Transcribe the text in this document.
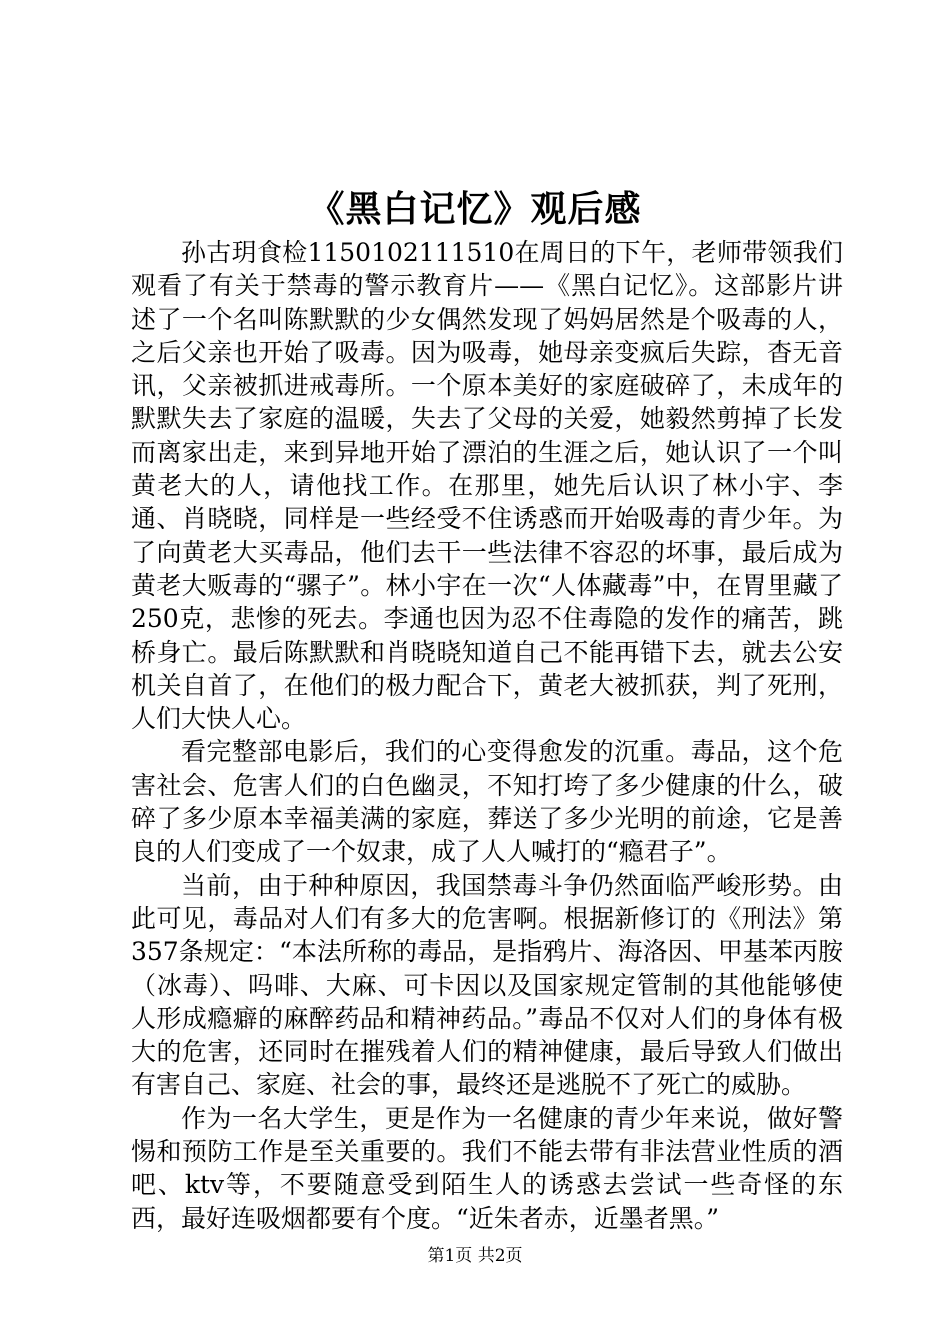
《黑白记忆》观后感

孙古玥食检1150102111510在周日的下午，老师带领我们观看了有关于禁毒的警示教育片——《黑白记忆》。这部影片讲述了一个名叫陈默默的少女偶然发现了妈妈居然是个吸毒的人，之后父亲也开始了吸毒。因为吸毒，她母亲变疯后失踪，杳无音讯，父亲被抓进戒毒所。一个原本美好的家庭破碎了，未成年的默默失去了家庭的温暖，失去了父母的关爱，她毅然剪掉了长发而离家出走，来到异地开始了漂泊的生涯之后，她认识了一个叫黄老大的人，请他找工作。在那里，她先后认识了林小宇、李通、肖晓晓，同样是一些经受不住诱惑而开始吸毒的青少年。为了向黄老大买毒品，他们去干一些法律不容忍的坏事，最后成为黄老大贩毒的“骡子”。林小宇在一次“人体藏毒”中，在胃里藏了250克，悲惨的死去。李通也因为忍不住毒隐的发作的痛苦，跳桥身亡。最后陈默默和肖晓晓知道自己不能再错下去，就去公安机关自首了，在他们的极力配合下，黄老大被抓获，判了死刑，人们大快人心。

看完整部电影后，我们的心变得愈发的沉重。毒品，这个危害社会、危害人们的白色幽灵，不知打垮了多少健康的什么，破碎了多少原本幸福美满的家庭，葬送了多少光明的前途，它是善良的人们变成了一个奴隶，成了人人喊打的“瘾君子”。

当前，由于种种原因，我国禁毒斗争仍然面临严峻形势。由此可见，毒品对人们有多大的危害啊。根据新修订的《刑法》第357条规定：“本法所称的毒品，是指鸦片、海洛因、甲基苯丙胺（冰毒）、吗啡、大麻、可卡因以及国家规定管制的其他能够使人形成瘾癖的麻醉药品和精神药品。”毒品不仅对人们的身体有极大的危害，还同时在摧残着人们的精神健康，最后导致人们做出有害自己、家庭、社会的事，最终还是逃脱不了死亡的威胁。

作为一名大学生，更是作为一名健康的青少年来说，做好警惕和预防工作是至关重要的。我们不能去带有非法营业性质的酒吧、ktv等，不要随意受到陌生人的诱惑去尝试一些奇怪的东西，最好连吸烟都要有个度。“近朱者赤，近墨者黑。”

第1页 共2页
